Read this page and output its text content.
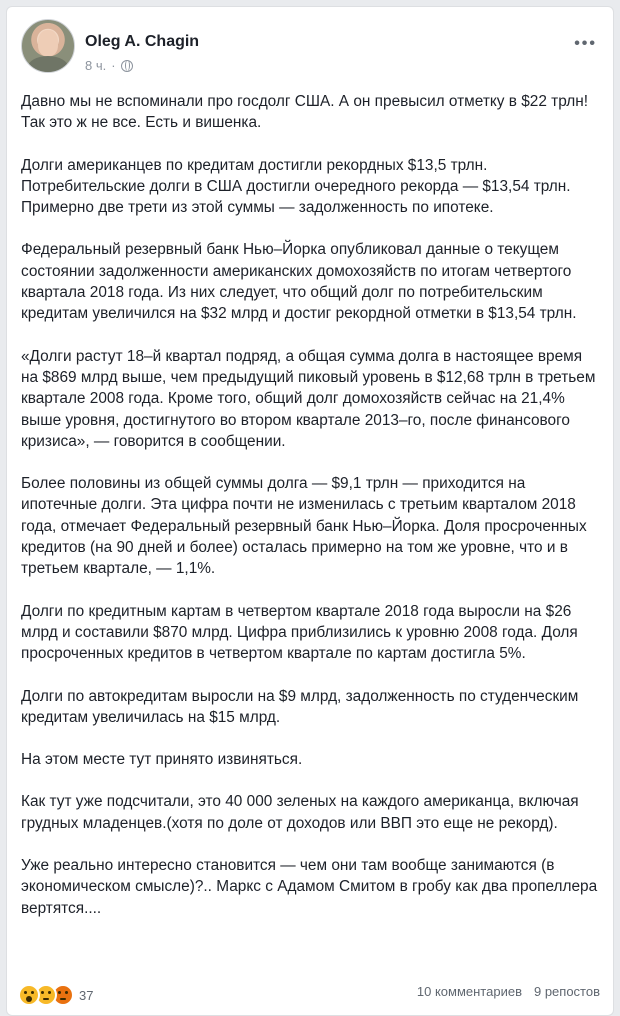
Oleg A. Chagin
8 ч. ·
•••

Давно мы не вспоминали про госдолг США. А он превысил отметку в $22 трлн! Так это ж не все. Есть и вишенка.

Долги американцев по кредитам достигли рекордных $13,5 трлн. Потребительские долги в США достигли очередного рекорда — $13,54 трлн. Примерно две трети из этой суммы — задолженность по ипотеке.

Федеральный резервный банк Нью–Йорка опубликовал данные о текущем состоянии задолженности американских домохозяйств по итогам четвертого квартала 2018 года. Из них следует, что общий долг по потребительским кредитам увеличился на $32 млрд и достиг рекордной отметки в $13,54 трлн.

«Долги растут 18–й квартал подряд, а общая сумма долга в настоящее время на $869 млрд выше, чем предыдущий пиковый уровень в $12,68 трлн в третьем квартале 2008 года. Кроме того, общий долг домохозяйств сейчас на 21,4% выше уровня, достигнутого во втором квартале 2013–го, после финансового кризиса», — говорится в сообщении.

Более половины из общей суммы долга — $9,1 трлн — приходится на ипотечные долги. Эта цифра почти не изменилась с третьим кварталом 2018 года, отмечает Федеральный резервный банк Нью–Йорка. Доля просроченных кредитов (на 90 дней и более) осталась примерно на том же уровне, что и в третьем квартале, — 1,1%.

Долги по кредитным картам в четвертом квартале 2018 года выросли на $26 млрд и составили $870 млрд. Цифра приблизились к уровню 2008 года. Доля просроченных кредитов в четвертом квартале по картам достигла 5%.

Долги по автокредитам выросли на $9 млрд, задолженность по студенческим кредитам увеличилась на $15 млрд.

На этом месте тут принято извиняться.

Как тут уже подсчитали, это 40 000 зеленых на каждого американца, включая грудных младенцев.(хотя по доле от доходов или ВВП это еще не рекорд).

Уже реально интересно становится — чем они там вообще занимаются (в экономическом смысле)?.. Маркс с Адамом Смитом в гробу как два пропеллера вертятся....

37	10 комментариев 9 репостов
